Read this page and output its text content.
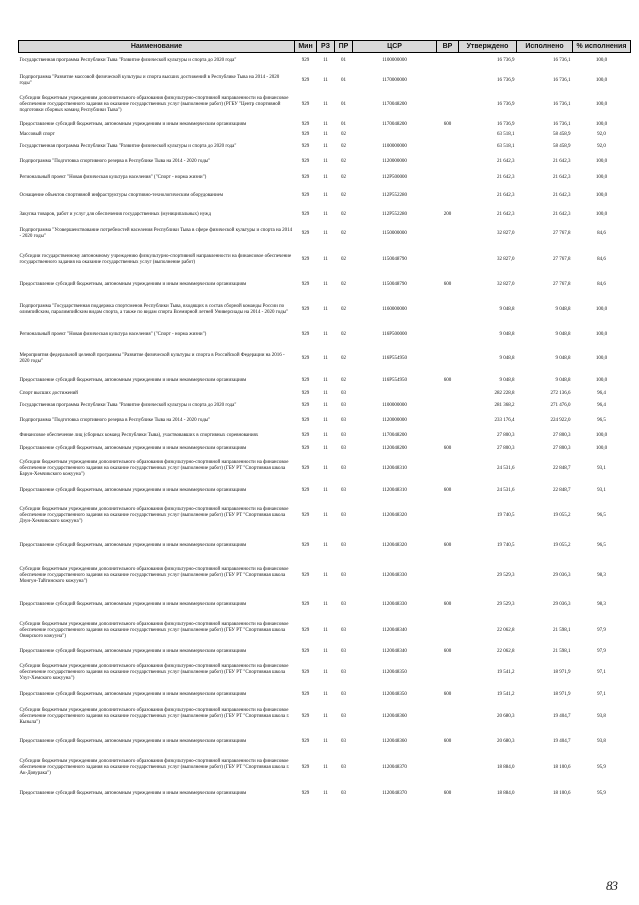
Наименование	Мин	РЗ	ПР	ЦСР	ВР	Утверждено	Исполнено	% исполнения
Государственная программа Республики Тыва "Развитие физической культуры и спорта до 2020 года"	929	11	01	1100000000		16 736,9	16 736,1	100,0
Подпрограмма "Развитие массовой физической культуры и спорта высших достижений в Республике Тыва на 2014 - 2020 годы"	929	11	01	1170000000		16 736,9	16 736,1	100,0
Субсидии бюджетным учреждениям дополнительного образования физкультурно-спортивной направленности на финансовое обеспечение государственного задания на оказание государственных услуг (выполнение работ) (РГБУ "Центр спортивной подготовки сборных команд Республики Тыва")	929	11	01	1170048200		16 736,9	16 736,1	100,0
Предоставление субсидий бюджетным, автономным учреждениям и иным некоммерческим организациям	929	11	01	1170048200	600	16 736,9	16 736,1	100,0
Массовый спорт	929	11	02			63 518,1	58 458,9	92,0
Государственная программа Республики Тыва "Развитие физической культуры и спорта до 2020 года"	929	11	02	1100000000		63 518,1	58 458,9	92,0
Подпрограмма "Подготовка спортивного резерва в Республике Тыва на 2014 - 2020 годы"	929	11	02	1120000000		21 642,3	21 642,3	100,0
Региональный проект "Новая физическая культура населения" ("Спорт - норма жизни")	929	11	02	112P500000		21 642,3	21 642,3	100,0
Оснащение объектов спортивной инфраструктуры спортивно-технологическим оборудованием	929	11	02	112P552280		21 642,3	21 642,3	100,0
Закупка товаров, работ и услуг для обеспечения государственных (муниципальных) нужд	929	11	02	112P552280	200	21 642,3	21 642,3	100,0
Подпрограмма "Усовершенствование потребностей населения Республики Тыва в сфере физической культуры и спорта на 2014 - 2020 годы"	929	11	02	1150000000		32 827,0	27 767,8	84,6
Субсидии государственному автономному учреждению физкультурно-спортивной направленности на финансовое обеспечение государственного задания на оказание государственных услуг (выполнение работ)	929	11	02	1150048790		32 827,0	27 767,8	84,6
Предоставление субсидий бюджетным, автономным учреждениям и иным некоммерческим организациям	929	11	02	1150048790	600	32 827,0	27 767,8	84,6
Подпрограмма "Государственная поддержка спортсменов Республики Тыва, входящих в состав сборной команды России по олимпийским, паралимпийским видам спорта, а также по видам спорта Всемирной летней Универсиады на 2014 - 2020 годы"	929	11	02	1160000000		9 048,8	9 048,8	100,0
Региональный проект "Новая физическая культура населения" ("Спорт - норма жизни")	929	11	02	116P500000		9 048,8	9 048,8	100,0
Мероприятия федеральной целевой программы "Развитие физической культуры и спорта в Российской Федерации на 2016 - 2020 годы"	929	11	02	116P554950		9 048,8	9 048,8	100,0
Предоставление субсидий бюджетным, автономным учреждениям и иным некоммерческим организациям	929	11	02	116P554950	600	9 048,8	9 048,8	100,0
Спорт высших достижений	929	11	03			282 228,8	272 136,6	96,4
Государственная программа Республики Тыва "Развитие физической культуры и спорта до 2020 года"	929	11	03	1100000000		281 368,2	271 476,0	96,4
Подпрограмма "Подготовка спортивного резерва в Республике Тыва на 2014 - 2020 годы"	929	11	03	1120000000		233 176,4	224 922,0	96,5
Финансовое обеспечение лиц (сборных команд Республики Тыва), участвовавших в спортивных соревнованиях	929	11	03	1170048200		27 800,3	27 800,3	100,0
Предоставление субсидий бюджетным, автономным учреждениям и иным некоммерческим организациям	929	11	03	1120048200	600	27 800,3	27 800,3	100,0
Субсидии бюджетным учреждениям дополнительного образования физкультурно-спортивной направленности на финансовое обеспечение государственного задания на оказание государственных услуг (выполнение работ) (ГБУ РТ "Спортивная школа Барун-Хемчикского кожууна")	929	11	03	1120048310		24 531,6	22 848,7	93,1
Предоставление субсидий бюджетным, автономным учреждениям и иным некоммерческим организациям	929	11	03	1120048310	600	24 531,6	22 848,7	93,1
Субсидии бюджетным учреждениям дополнительного образования физкультурно-спортивной направленности на финансовое обеспечение государственного задания на оказание государственных услуг (выполнение работ) (ГБУ РТ "Спортивная школа Дзун-Хемчикского кожууна")	929	11	03	1120048320		19 740,5	19 055,2	96,5
Предоставление субсидий бюджетным, автономным учреждениям и иным некоммерческим организациям	929	11	03	1120048320	600	19 740,5	19 055,2	96,5
Субсидии бюджетным учреждениям дополнительного образования физкультурно-спортивной направленности на финансовое обеспечение государственного задания на оказание государственных услуг (выполнение работ) (ГБУ РТ "Спортивная школа Монгун-Тайгинского кожууна")	929	11	03	1120048330		29 529,3	29 036,3	98,3
Предоставление субсидий бюджетным, автономным учреждениям и иным некоммерческим организациям	929	11	03	1120048330	600	29 529,3	29 036,3	98,3
Субсидии бюджетным учреждениям дополнительного образования физкультурно-спортивной направленности на финансовое обеспечение государственного задания на оказание государственных услуг (выполнение работ) (ГБУ РТ "Спортивная школа Овюрского кожууна")	929	11	03	1120048340		22 062,8	21 598,1	97,9
Предоставление субсидий бюджетным, автономным учреждениям и иным некоммерческим организациям	929	11	03	1120048340	600	22 062,8	21 598,1	97,9
Субсидии бюджетным учреждениям дополнительного образования физкультурно-спортивной направленности на финансовое обеспечение государственного задания на оказание государственных услуг (выполнение работ) (ГБУ РТ "Спортивная школа Улуг-Хемского кожууна")	929	11	03	1120048350		19 541,2	18 971,9	97,1
Предоставление субсидий бюджетным, автономным учреждениям и иным некоммерческим организациям	929	11	03	1120048350	600	19 541,2	18 971,9	97,1
Субсидии бюджетным учреждениям дополнительного образования физкультурно-спортивной направленности на финансовое обеспечение государственного задания на оказание государственных услуг (выполнение работ) (ГБУ РТ "Спортивная школа г. Кызыла")	929	11	03	1120048360		20 680,3	19 404,7	93,8
Предоставление субсидий бюджетным, автономным учреждениям и иным некоммерческим организациям	929	11	03	1120048360	600	20 680,3	19 404,7	93,8
Субсидии бюджетным учреждениям дополнительного образования физкультурно-спортивной направленности на финансовое обеспечение государственного задания на оказание государственных услуг (выполнение работ) (ГБУ РТ "Спортивная школа г. Ак-Довурака")	929	11	03	1120048370		18 884,0	18 100,6	95,9
Предоставление субсидий бюджетным, автономным учреждениям и иным некоммерческим организациям	929	11	03	1120048370	600	18 884,0	18 100,6	95,9
83
